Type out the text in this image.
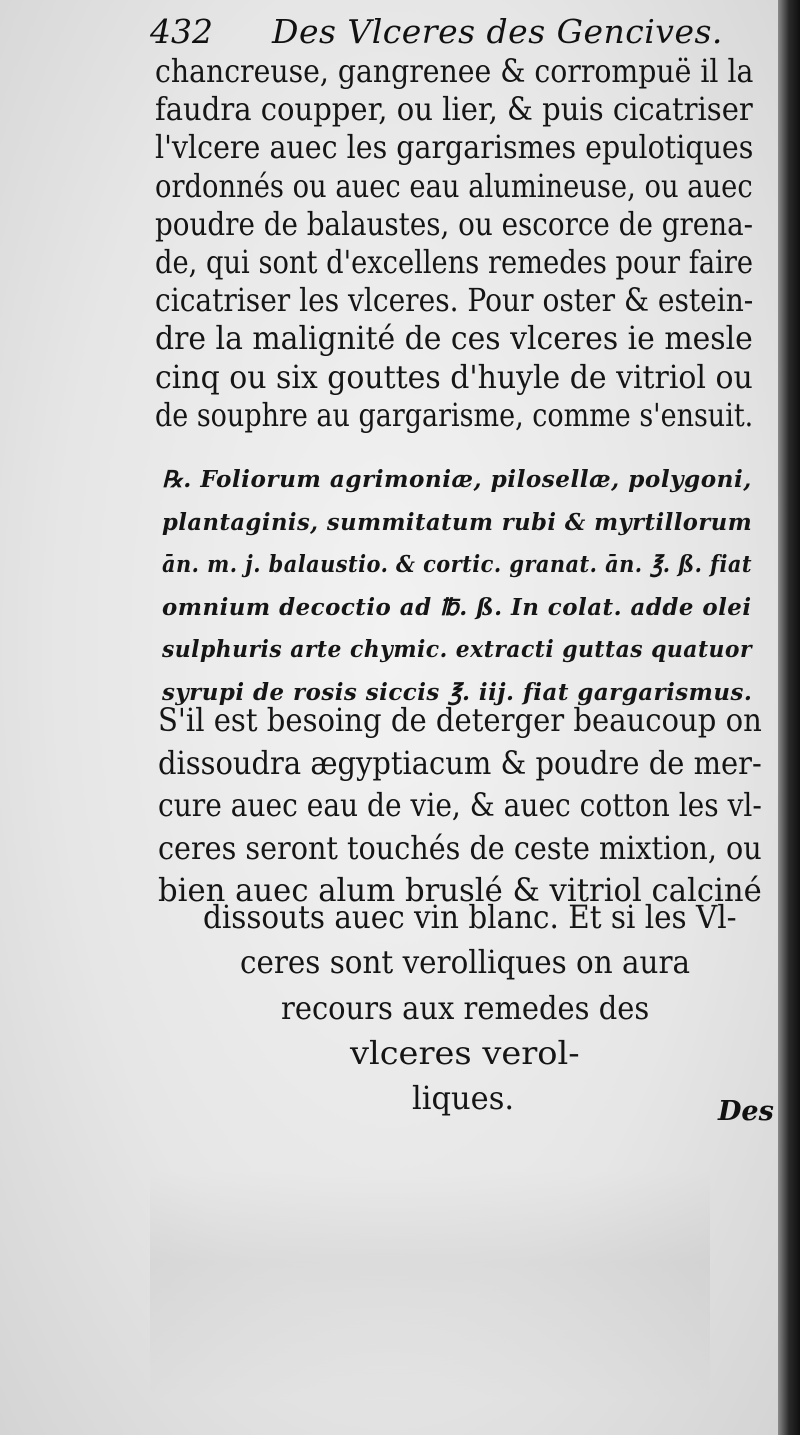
432 Des Vlceres des Gencives.
chancreuse, gangrenee & corrompuë il la
faudra coupper, ou lier, & puis cicatriser
l'vlcere auec les gargarismes epulotiques
ordonnés ou auec eau alumineuse, ou auec
poudre de balaustes, ou escorce de grena-
de, qui sont d'excellens remedes pour faire
cicatriser les vlceres. Pour oster & estein-
dre la malignité de ces vlceres ie mesle
cinq ou six gouttes d'huyle de vitriol ou
de souphre au gargarisme, comme s'ensuit.
℞. Foliorum agrimoniæ, pilosellæ, polygoni,
plantaginis, summitatum rubi & myrtillorum
ān. m. j. balaustio. & cortic. granat. ān. ℥. ß. fiat
omnium decoctio ad ℔. ß. In colat. adde olei
sulphuris arte chymic. extracti guttas quatuor
syrupi de rosis siccis ℥. iij. fiat gargarismus.
S'il est besoing de deterger beaucoup on
dissoudra ægyptiacum & poudre de mer-
cure auec eau de vie, & auec cotton les vl-
ceres seront touchés de ceste mixtion, ou
bien auec alum bruslé & vitriol calciné
dissouts auec vin blanc. Et si les Vl-
ceres sont verolliques on aura
recours aux remedes des
vlceres verol-
liques.	Des
